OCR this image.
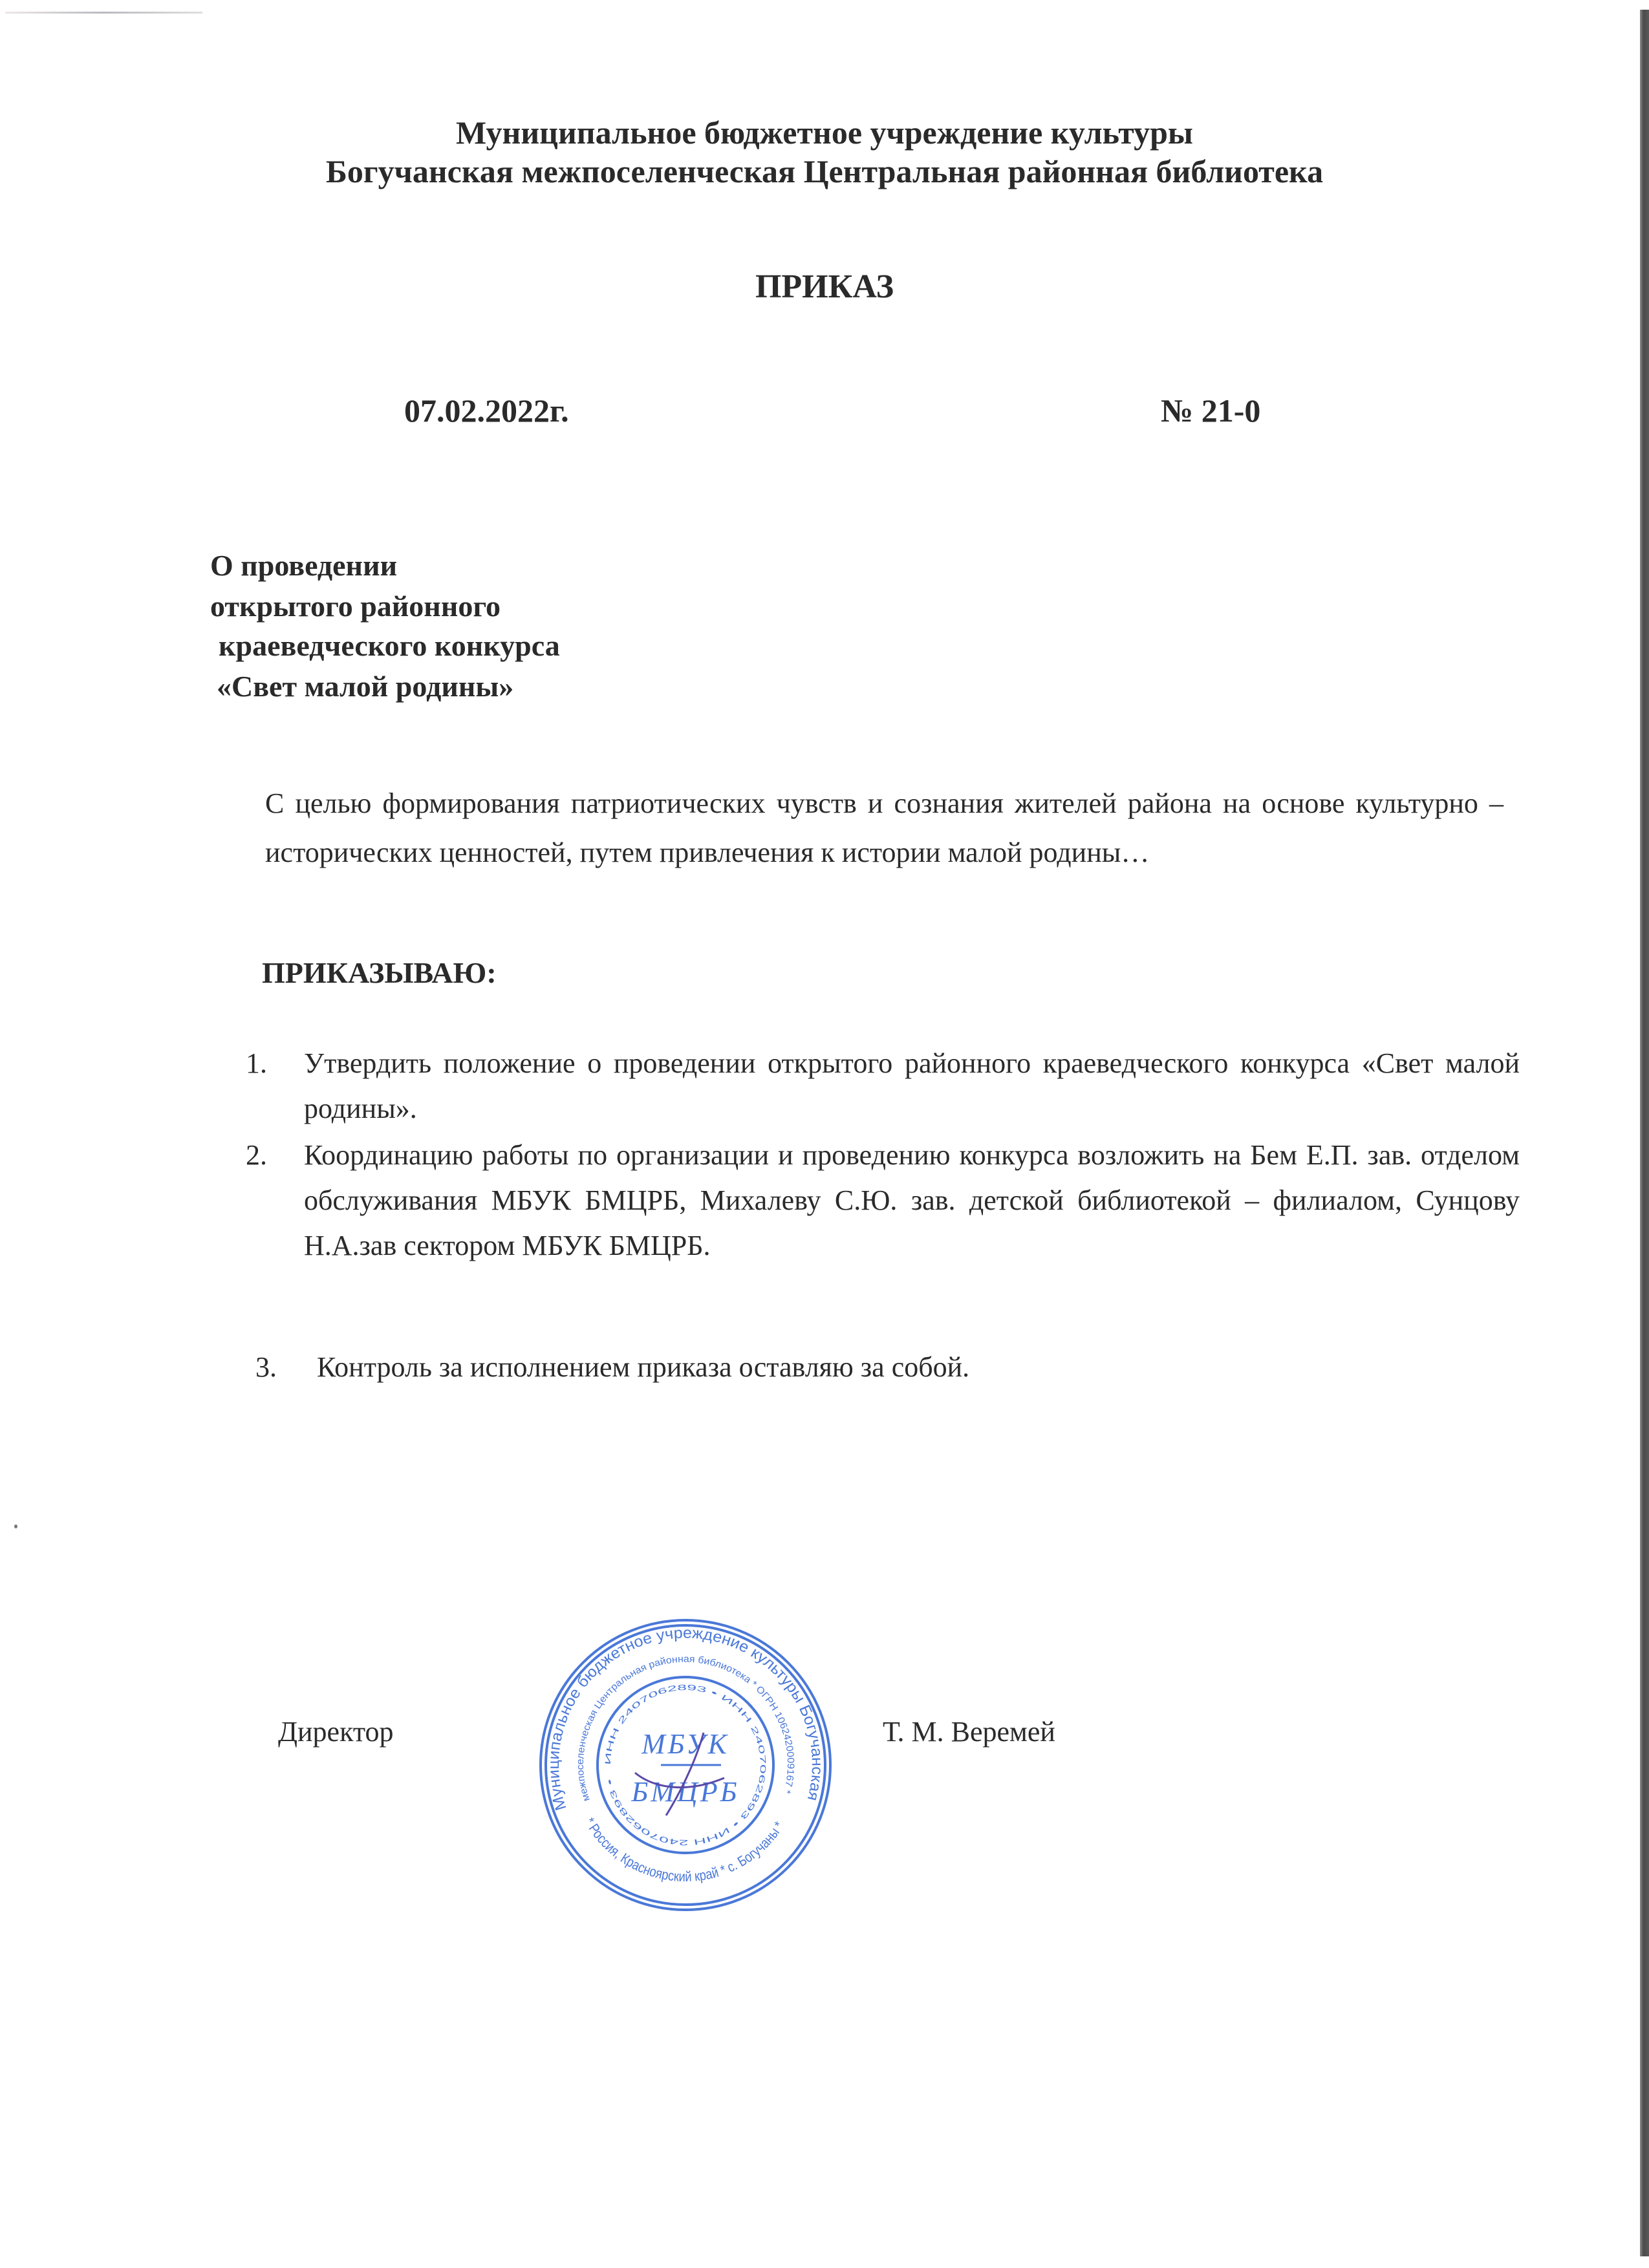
Муниципальное бюджетное учреждение культуры
Богучанская межпоселенческая Центральная районная библиотека
ПРИКАЗ
07.02.2022г.	№ 21-0
О проведении
открытого районного
краеведческого конкурса
«Свет малой родины»
С целью формирования патриотических чувств и сознания жителей района на основе культурно – исторических ценностей, путем привлечения к истории малой родины…
ПРИКАЗЫВАЮ:
1. Утвердить положение о проведении открытого районного краеведческого конкурса «Свет малой родины».
2. Координацию работы по организации и проведению конкурса возложить на Бем Е.П. зав. отделом обслуживания МБУК БМЦРБ, Михалеву С.Ю. зав. детской библиотекой – филиалом, Сунцову Н.А.зав сектором МБУК БМЦРБ.
3. Контроль за исполнением приказа оставляю за собой.
Директор	Т. М. Веремей
Муниципальное бюджетное учреждение культуры Богучанская
межпоселенческая Центральная районная библиотека * ОГРН 1062420009167 *
* Россия, Красноярский край * с. Богучаны *
ИНН 2407062893 • ИНН 2407062893 • ИНН 2407062893 •
МБУК
БМЦРБ
